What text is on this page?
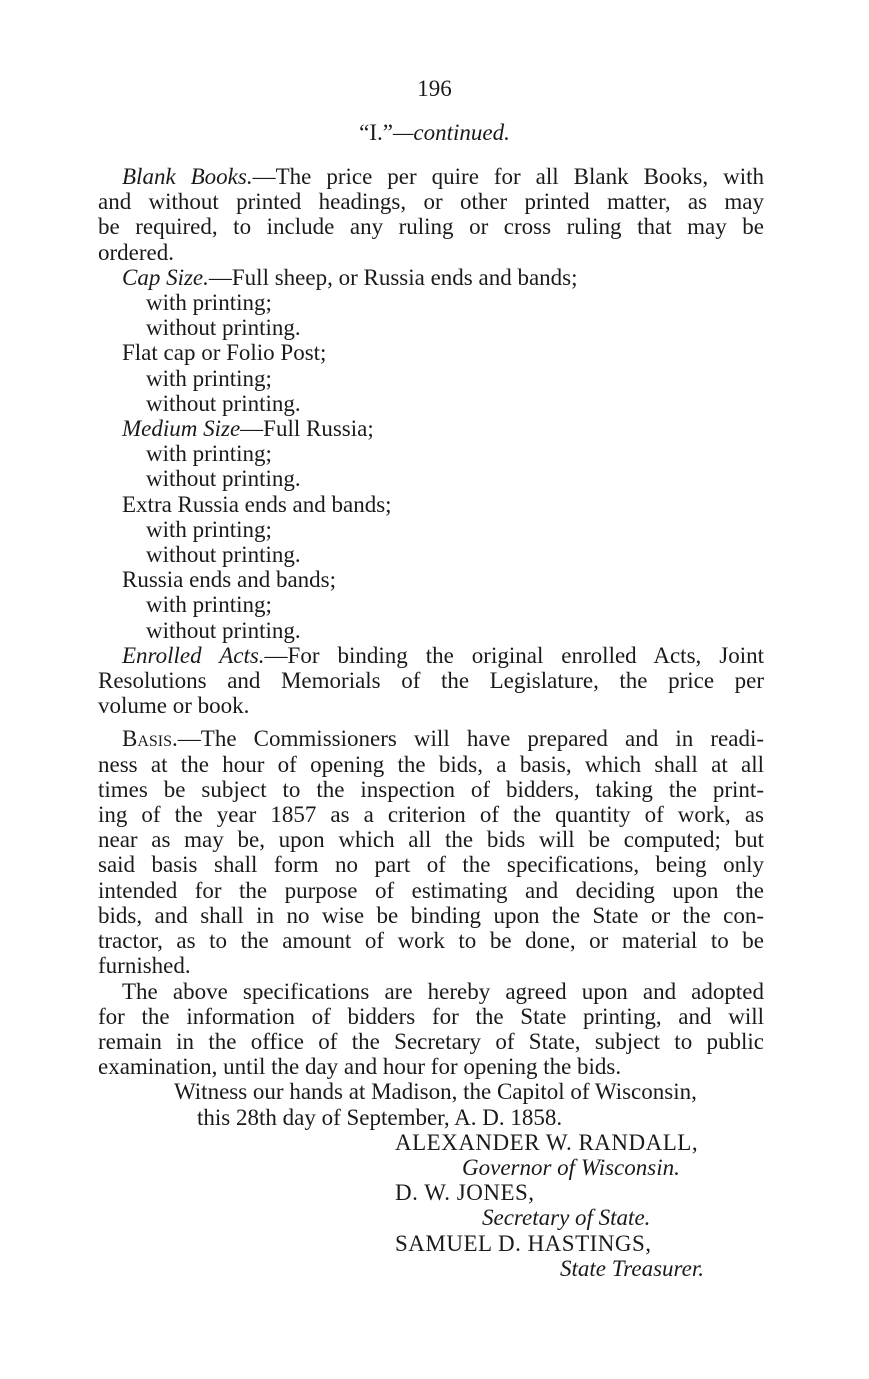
196
“I.”—continued.
Blank Books.—The price per quire for all Blank Books, with
and without printed headings, or other printed matter, as may
be required, to include any ruling or cross ruling that may be
ordered.
Cap Size.—Full sheep, or Russia ends and bands;
with printing;
without printing.
Flat cap or Folio Post;
with printing;
without printing.
Medium Size—Full Russia;
with printing;
without printing.
Extra Russia ends and bands;
with printing;
without printing.
Russia ends and bands;
with printing;
without printing.
Enrolled Acts.—For binding the original enrolled Acts, Joint
Resolutions and Memorials of the Legislature, the price per
volume or book.
Basis.—The Commissioners will have prepared and in readi-
ness at the hour of opening the bids, a basis, which shall at all
times be subject to the inspection of bidders, taking the print-
ing of the year 1857 as a criterion of the quantity of work, as
near as may be, upon which all the bids will be computed; but
said basis shall form no part of the specifications, being only
intended for the purpose of estimating and deciding upon the
bids, and shall in no wise be binding upon the State or the con-
tractor, as to the amount of work to be done, or material to be
furnished.
The above specifications are hereby agreed upon and adopted
for the information of bidders for the State printing, and will
remain in the office of the Secretary of State, subject to public
examination, until the day and hour for opening the bids.
Witness our hands at Madison, the Capitol of Wisconsin,
this 28th day of September, A. D. 1858.
ALEXANDER W. RANDALL,
Governor of Wisconsin.
D. W. JONES,
Secretary of State.
SAMUEL D. HASTINGS,
State Treasurer.
